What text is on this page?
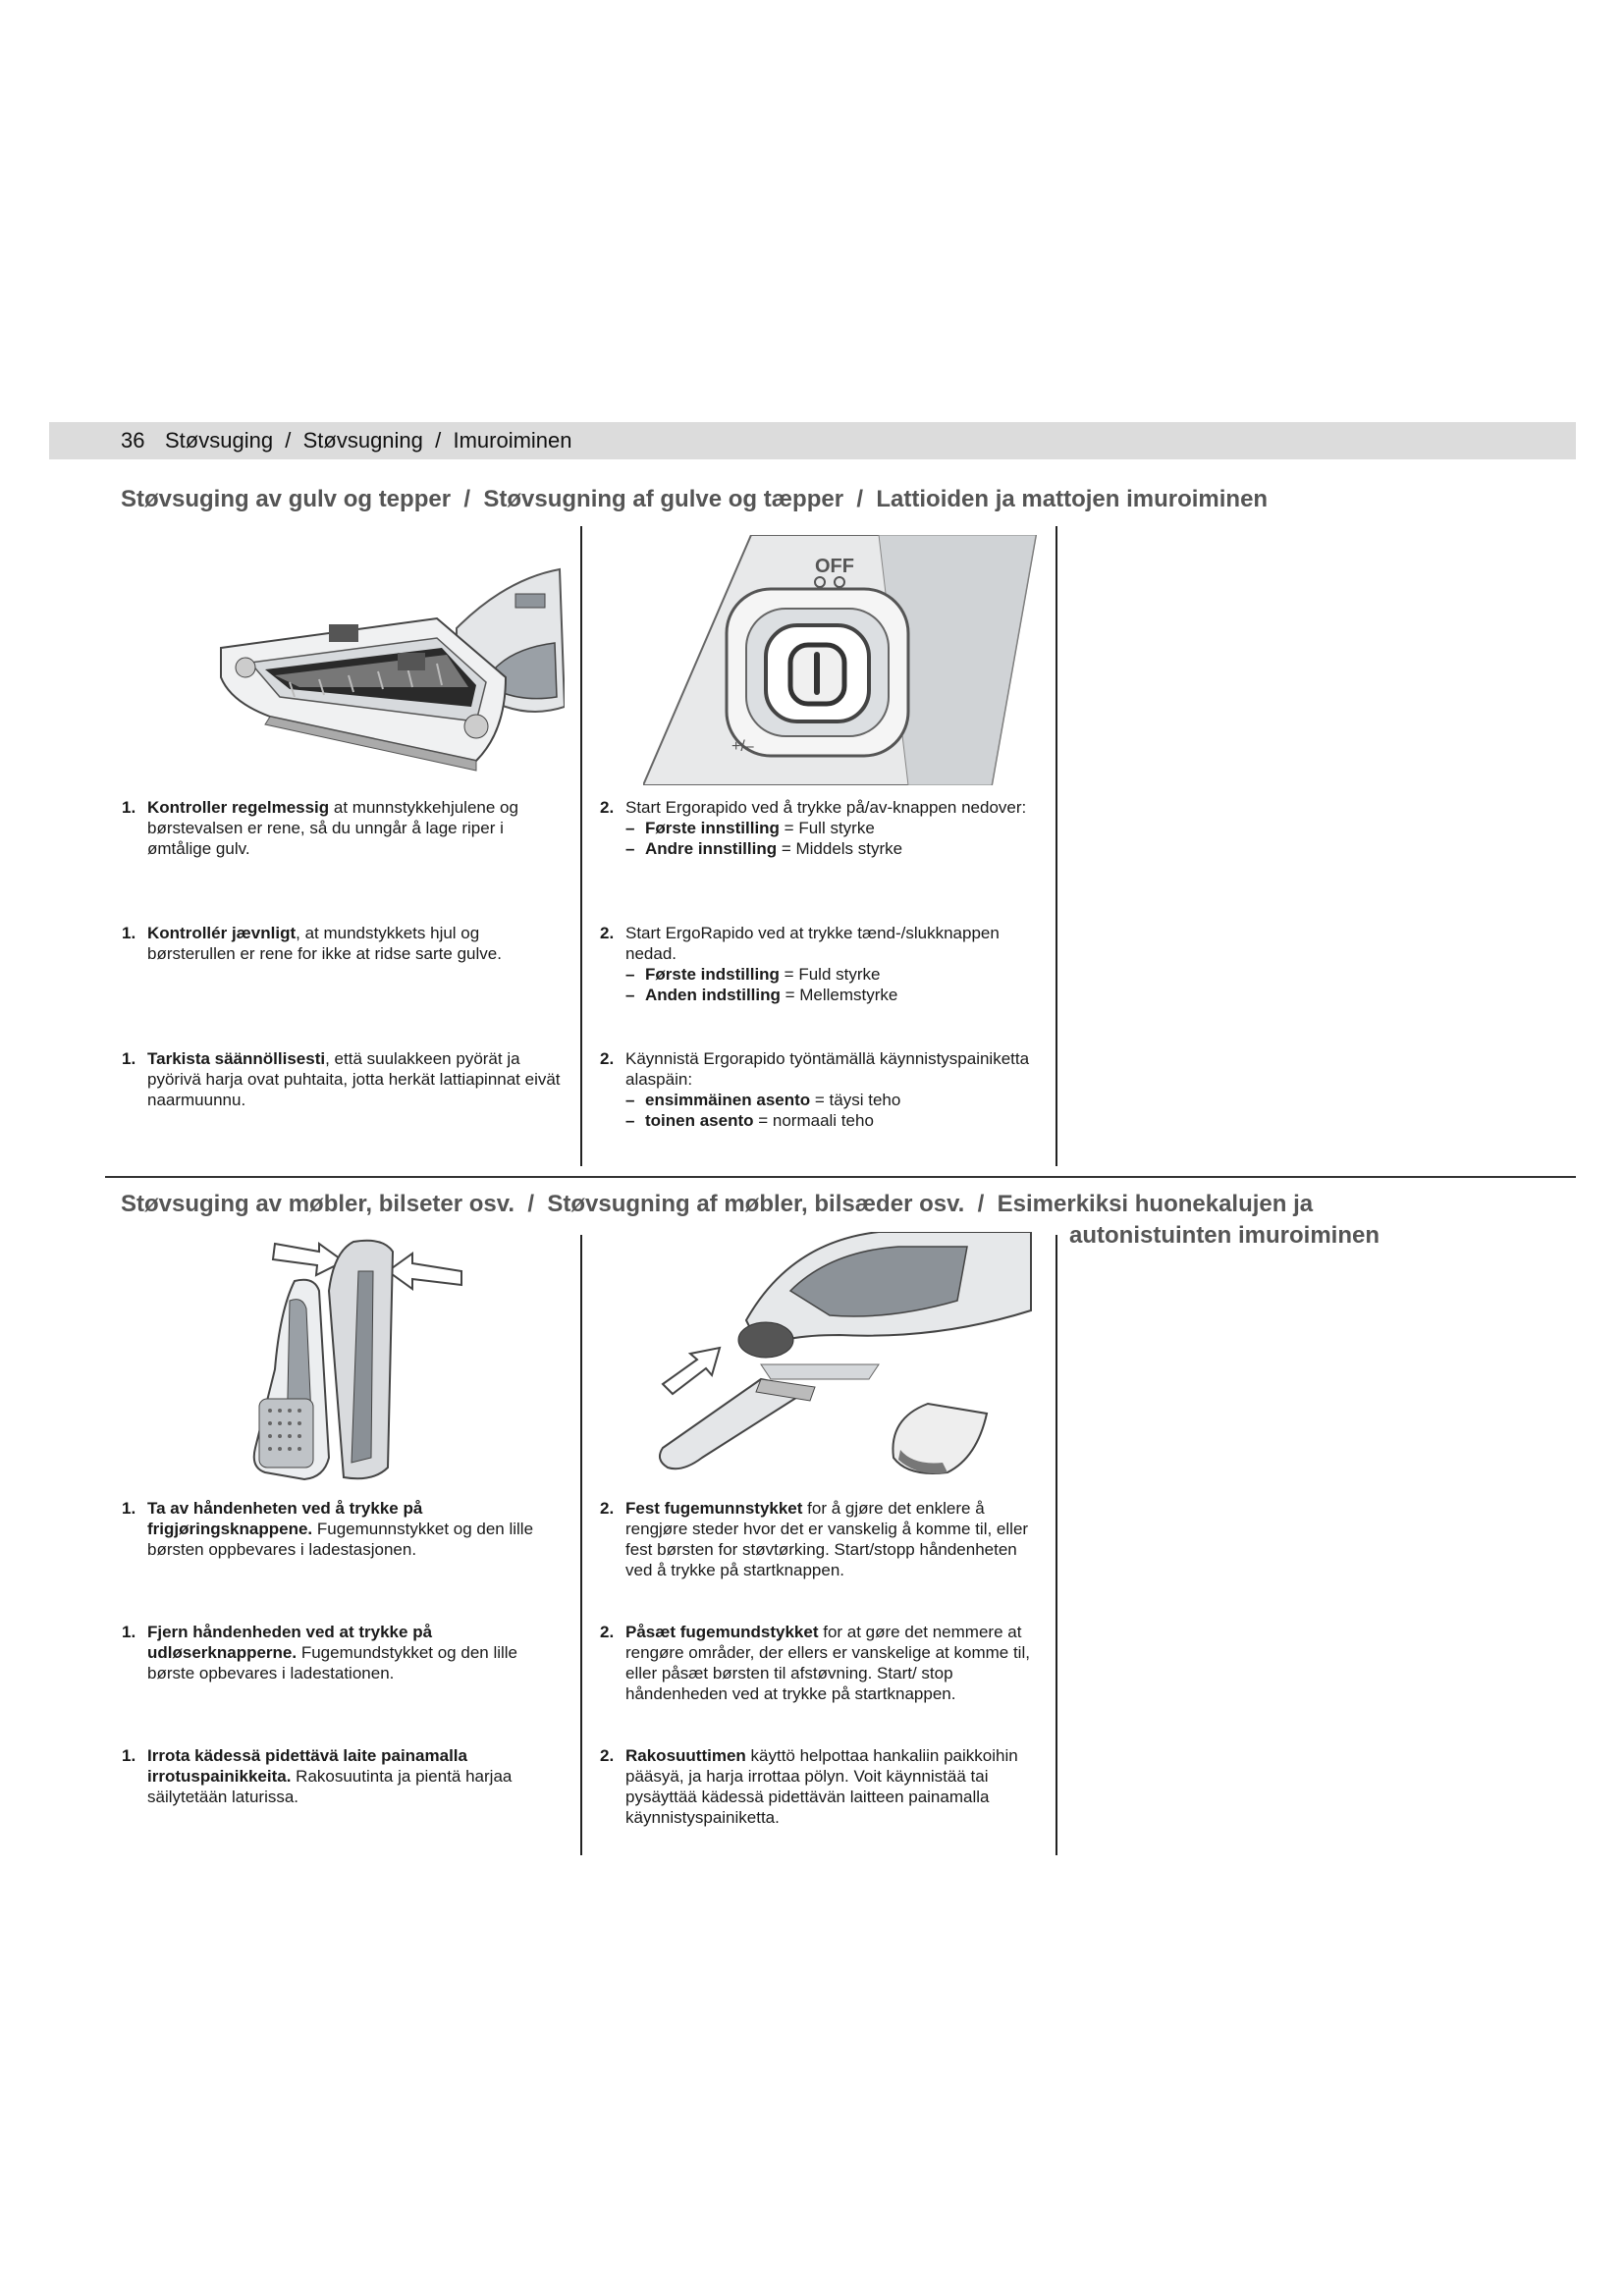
36 Støvsuging  /  Støvsugning  /  Imuroiminen
Støvsuging av gulv og tepper  /  Støvsugning af gulve og tæpper  /  Lattioiden ja mattojen imuroiminen
OFF
+/–
1. Kontroller regelmessig at munnstykkehjulene og børstevalsen er rene, så du unngår å lage riper i ømtålige gulv.
1. Kontrollér jævnligt, at mundstykkets hjul og børsterullen er rene for ikke at ridse sarte gulve.
1. Tarkista säännöllisesti, että suulakkeen pyörät ja pyörivä harja ovat puhtaita, jotta herkät lattiapinnat eivät naarmuunnu.
2. Start Ergorapido ved å trykke på/av-knappen nedover:
– Første innstilling = Full styrke
– Andre innstilling = Middels styrke
2. Start ErgoRapido ved at trykke tænd-/slukknappen nedad.
– Første indstilling = Fuld styrke
– Anden indstilling = Mellemstyrke
2. Käynnistä Ergorapido työntämällä käynnistyspainiketta alaspäin:
– ensimmäinen asento = täysi teho
– toinen asento = normaali teho
Støvsuging av møbler, bilseter osv.  /  Støvsugning af møbler, bilsæder osv.  /  Esimerkiksi huonekalujen ja
autonistuinten imuroiminen
1. Ta av håndenheten ved å trykke på frigjøringsknappene. Fugemunnstykket og den lille børsten oppbevares i ladestasjonen.
1. Fjern håndenheden ved at trykke på udløserknapperne. Fugemundstykket og den lille børste opbevares i ladestationen.
1. Irrota kädessä pidettävä laite painamalla irrotuspainikkeita. Rakosuutinta ja pientä harjaa säilytetään laturissa.
2. Fest fugemunnstykket for å gjøre det enklere å rengjøre steder hvor det er vanskelig å komme til, eller fest børsten for støvtørking. Start/stopp håndenheten ved å trykke på startknappen.
2. Påsæt fugemundstykket for at gøre det nemmere at rengøre områder, der ellers er vanskelige at komme til, eller påsæt børsten til afstøvning. Start/ stop håndenheden ved at trykke på startknappen.
2. Rakosuuttimen käyttö helpottaa hankaliin paikkoihin pääsyä, ja harja irrottaa pölyn. Voit käynnistää tai pysäyttää kädessä pidettävän laitteen painamalla käynnistyspainiketta.
